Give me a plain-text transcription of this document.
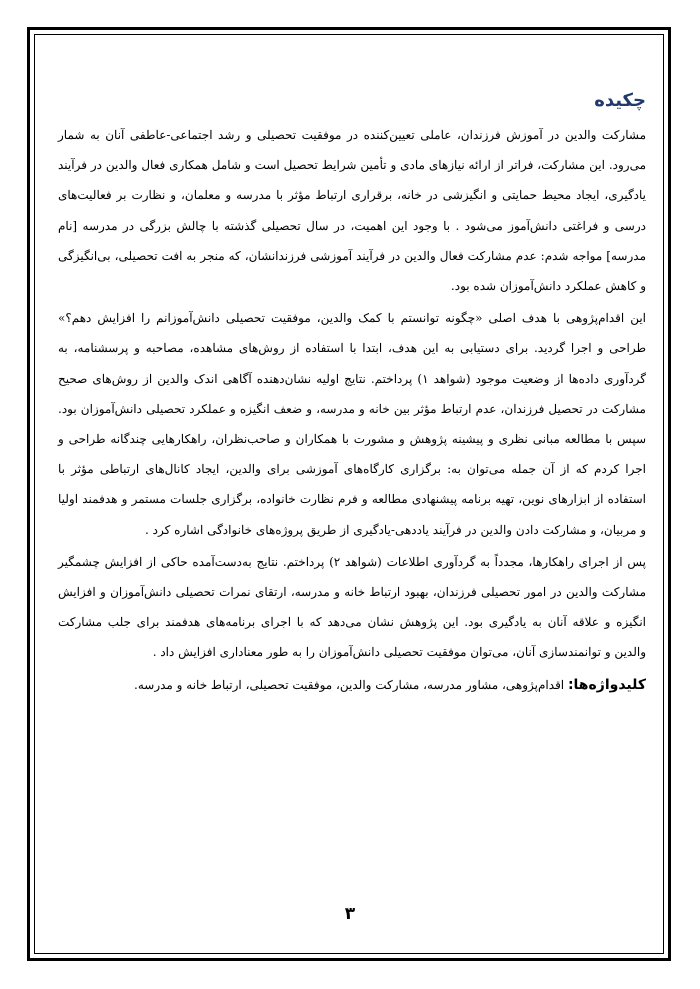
چکیده

مشارکت والدین در آموزش فرزندان، عاملی تعیین‌کننده در موفقیت تحصیلی و رشد اجتماعی-عاطفی آنان به شمار می‌رود. این مشارکت، فراتر از ارائه نیازهای مادی و تأمین شرایط تحصیل است و شامل همکاری فعال والدین در فرآیند یادگیری، ایجاد محیط حمایتی و انگیزشی در خانه، برقراری ارتباط مؤثر با مدرسه و معلمان، و نظارت بر فعالیت‌های درسی و فراغتی دانش‌آموز می‌شود . با وجود این اهمیت، در سال تحصیلی گذشته با چالش بزرگی در مدرسه [نام مدرسه] مواجه شدم: عدم مشارکت فعال والدین در فرآیند آموزشی فرزندانشان، که منجر به افت تحصیلی، بی‌انگیزگی و کاهش عملکرد دانش‌آموزان شده بود.

این اقدام‌پژوهی با هدف اصلی «چگونه توانستم با کمک والدین، موفقیت تحصیلی دانش‌آموزانم را افزایش دهم؟» طراحی و اجرا گردید. برای دستیابی به این هدف، ابتدا با استفاده از روش‌های مشاهده، مصاحبه و پرسشنامه، به گردآوری داده‌ها از وضعیت موجود (شواهد ۱) پرداختم. نتایج اولیه نشان‌دهنده آگاهی اندک والدین از روش‌های صحیح مشارکت در تحصیل فرزندان، عدم ارتباط مؤثر بین خانه و مدرسه، و ضعف انگیزه و عملکرد تحصیلی دانش‌آموزان بود. سپس با مطالعه مبانی نظری و پیشینه پژوهش و مشورت با همکاران و صاحب‌نظران، راهکارهایی چندگانه طراحی و اجرا کردم که از آن جمله می‌توان به: برگزاری کارگاه‌های آموزشی برای والدین، ایجاد کانال‌های ارتباطی مؤثر با استفاده از ابزارهای نوین، تهیه برنامه پیشنهادی مطالعه و فرم نظارت خانواده، برگزاری جلسات مستمر و هدفمند اولیا و مربیان، و مشارکت دادن والدین در فرآیند یاددهی-یادگیری از طریق پروژه‌های خانوادگی اشاره کرد .

پس از اجرای راهکارها، مجدداً به گردآوری اطلاعات (شواهد ۲) پرداختم. نتایج به‌دست‌آمده حاکی از افزایش چشمگیر مشارکت والدین در امور تحصیلی فرزندان، بهبود ارتباط خانه و مدرسه، ارتقای نمرات تحصیلی دانش‌آموزان و افزایش انگیزه و علاقه آنان به یادگیری بود. این پژوهش نشان می‌دهد که با اجرای برنامه‌های هدفمند برای جلب مشارکت والدین و توانمندسازی آنان، می‌توان موفقیت تحصیلی دانش‌آموزان را به طور معناداری افزایش داد .

کلیدواژه‌ها: اقدام‌پژوهی، مشاور مدرسه، مشارکت والدین، موفقیت تحصیلی، ارتباط خانه و مدرسه.

۳
